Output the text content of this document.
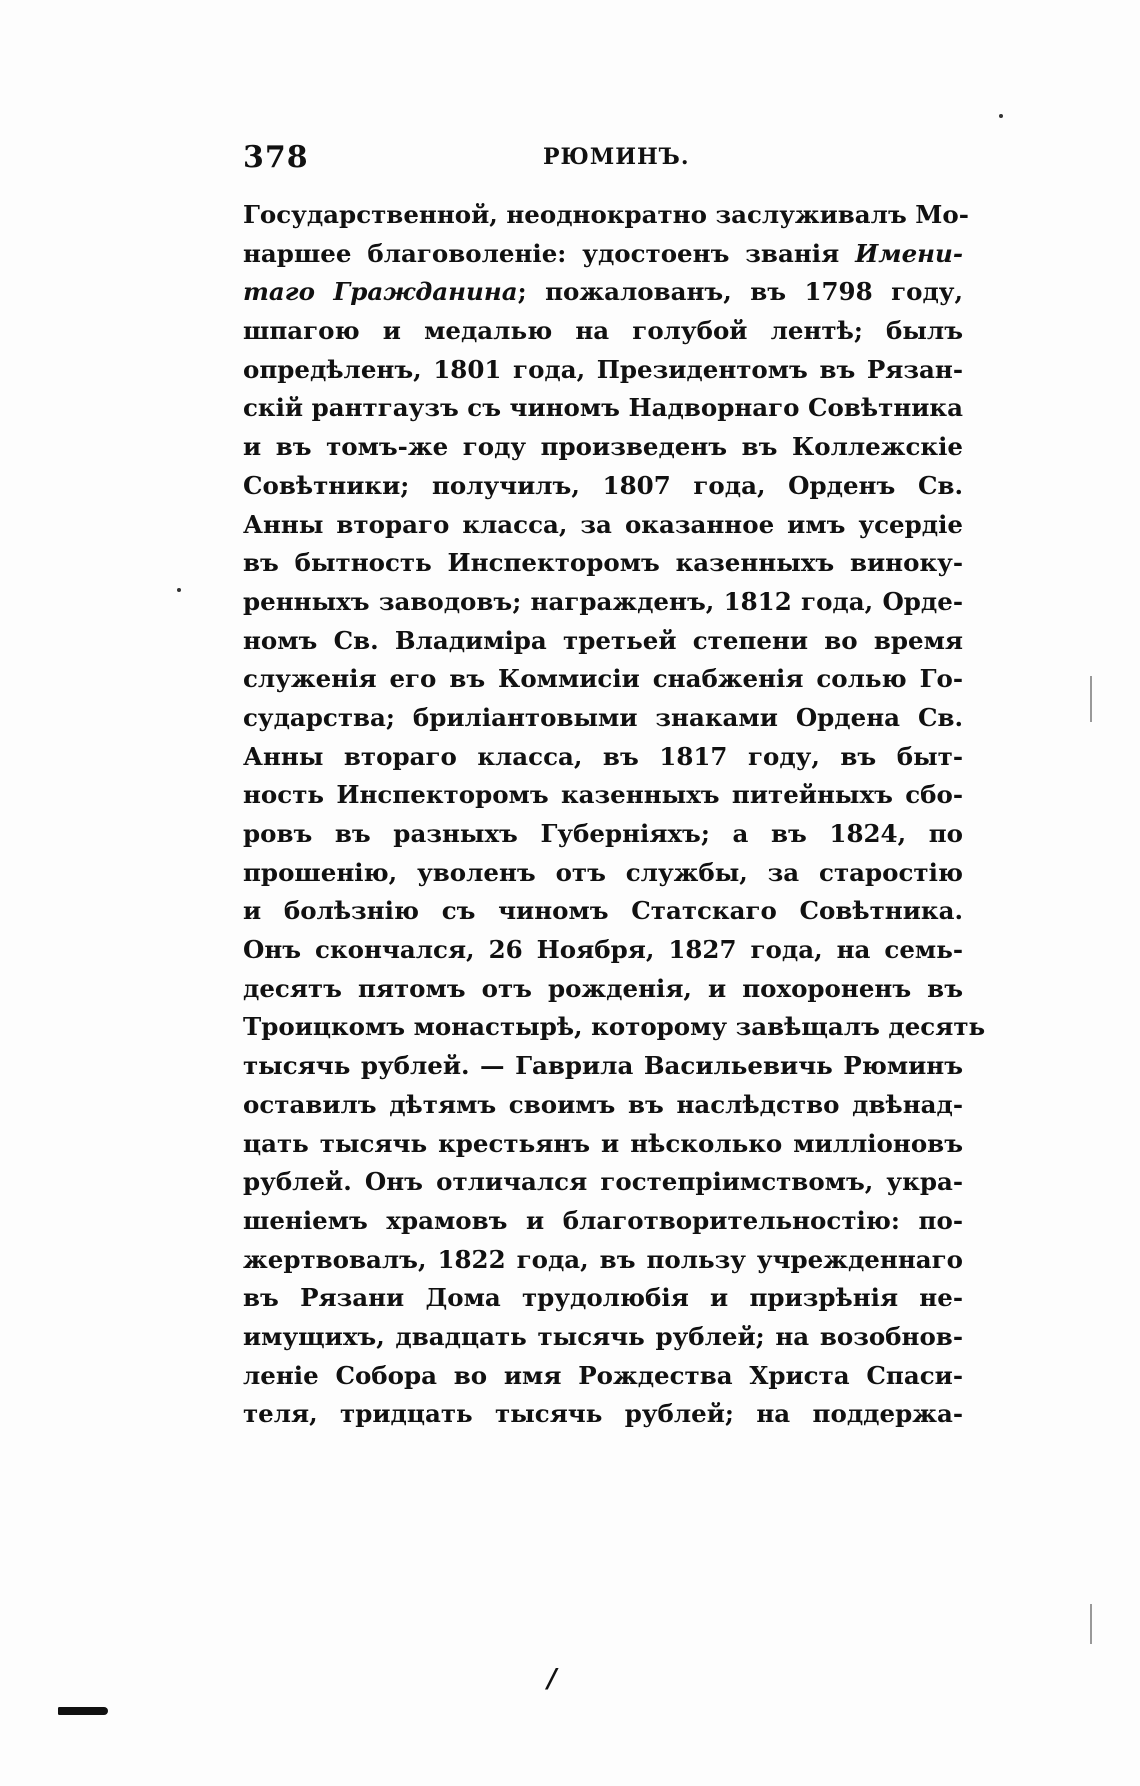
378	РЮМИНЪ.
Государственной, неоднократно заслуживалъ Мо-
наршее благоволеніе: удостоенъ званія Имени-
таго Гражданина; пожалованъ, въ 1798 году,
шпагою и медалью на голубой лентѣ; былъ
опредѣленъ, 1801 года, Президентомъ въ Рязан-
скій рантгаузъ съ чиномъ Надворнаго Совѣтника
и въ томъ-же году произведенъ въ Коллежскіе
Совѣтники; получилъ, 1807 года, Орденъ Св.
Анны втораго класса, за оказанное имъ усердіе
въ бытность Инспекторомъ казенныхъ виноку-
ренныхъ заводовъ; награжденъ, 1812 года, Орде-
номъ Св. Владиміра третьей степени во время
служенія его въ Коммисіи снабженія солью Го-
сударства; бриліантовыми знаками Ордена Св.
Анны втораго класса, въ 1817 году, въ быт-
ность Инспекторомъ казенныхъ питейныхъ сбо-
ровъ въ разныхъ Губерніяхъ; а въ 1824, по
прошенію, уволенъ отъ службы, за старостію
и болѣзнію съ чиномъ Статскаго Совѣтника.
Онъ скончался, 26 Ноября, 1827 года, на семь-
десятъ пятомъ отъ рожденія, и похороненъ въ
Троицкомъ монастырѣ, которому завѣщалъ десять
тысячь рублей. — Гаврила Васильевичь Рюминъ
оставилъ дѣтямъ своимъ въ наслѣдство двѣнад-
цать тысячь крестьянъ и нѣсколько милліоновъ
рублей. Онъ отличался гостепріимствомъ, укра-
шеніемъ храмовъ и благотворительностію: по-
жертвовалъ, 1822 года, въ пользу учрежденнаго
въ Рязани Дома трудолюбія и призрѣнія не-
имущихъ, двадцать тысячь рублей; на возобнов-
леніе Собора во имя Рождества Христа Спаси-
теля, тридцать тысячь рублей; на поддержа-
/
